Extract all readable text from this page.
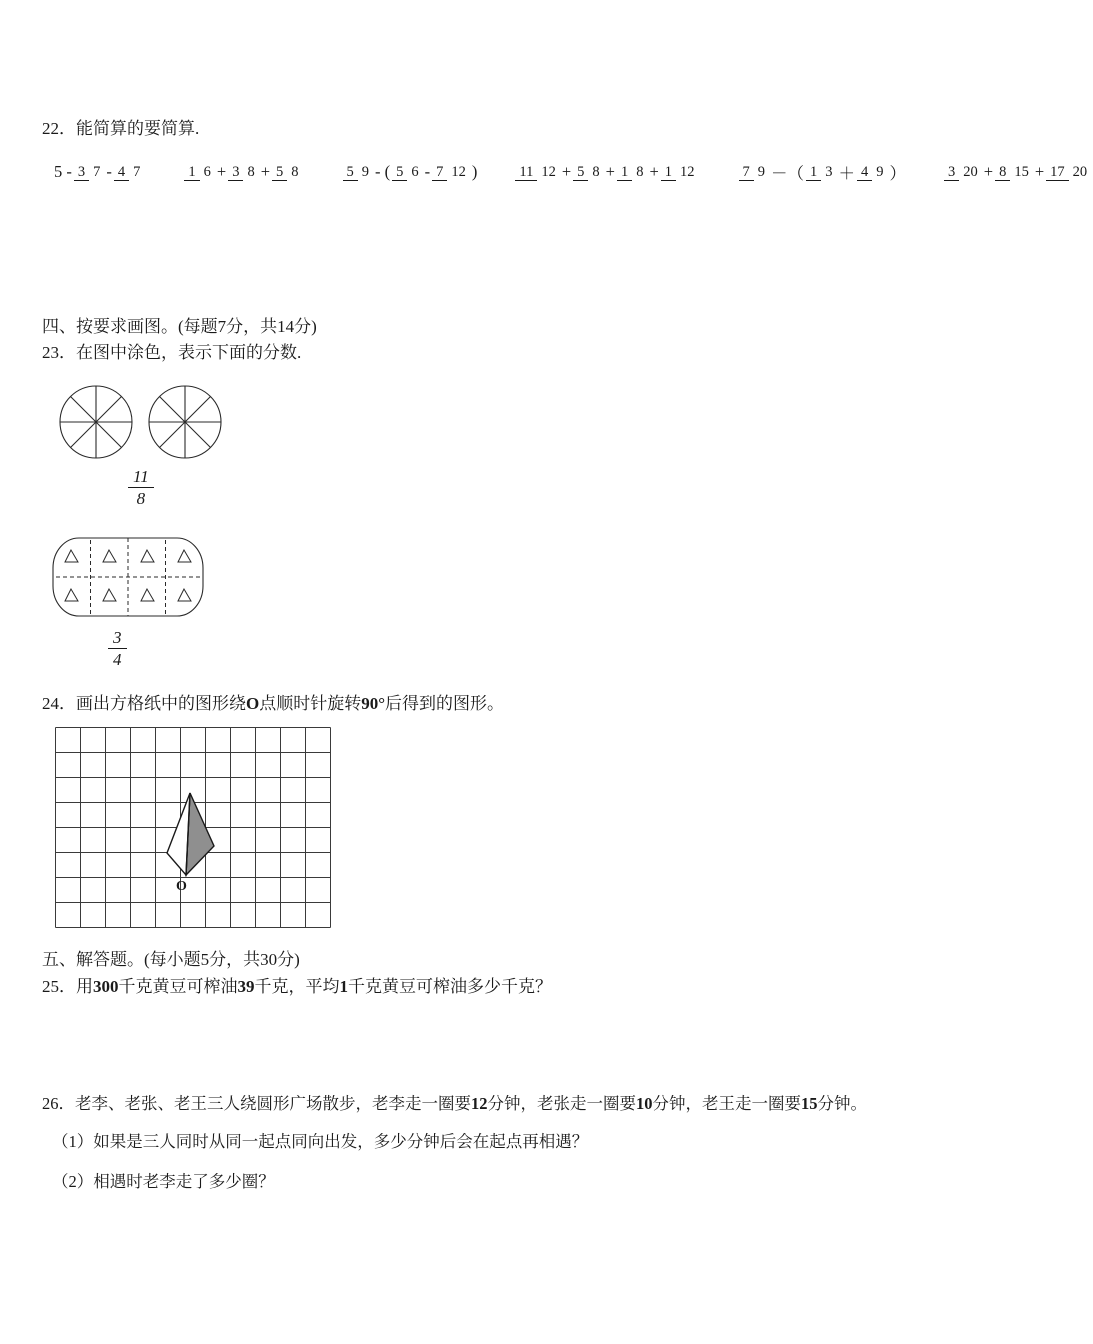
22．能简算的要简算.
5 - 3 7 - 4 7	1 6 + 3 8 + 5 8	5 9 - ( 5 6 - 7 12 )	11 12 + 5 8 + 1 8 + 1 12	7 9 －（ 1 3 ＋ 4 9 ）	3 20 + 8 15 + 17 20
四、按要求画图。(每题7分，共14分)
23．在图中涂色，表示下面的分数.
$\frac{11}{8}$
$\frac{3}{4}$
24．画出方格纸中的图形绕O点顺时针旋转90°后得到的图形。
O
五、解答题。(每小题5分，共30分)
25．用300千克黄豆可榨油39千克，平均1千克黄豆可榨油多少千克？
26．老李、老张、老王三人绕圆形广场散步，老李走一圈要12分钟，老张走一圈要10分钟，老王走一圈要15分钟。
（1）如果是三人同时从同一起点同向出发，多少分钟后会在起点再相遇？
（2）相遇时老李走了多少圈？
